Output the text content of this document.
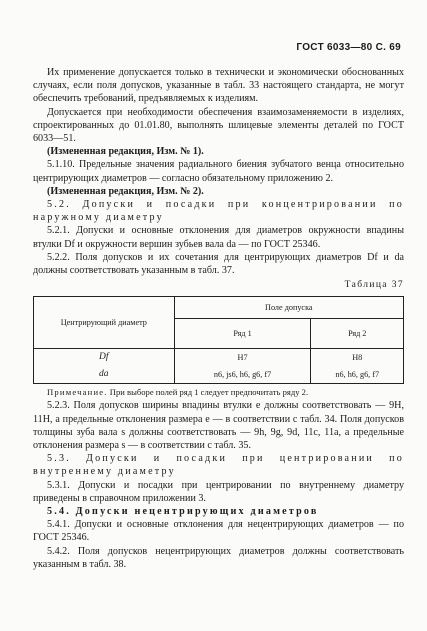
ГОСТ 6033—80 С. 69

Их применение допускается только в технически и экономически обоснованных случаях, если поля допусков, указанные в табл. 33 настоящего стандарта, не могут обеспечить требований, предъявляемых к изделиям.

Допускается при необходимости обеспечения взаимозаменяемости в изделиях, спроектированных до 01.01.80, выполнять шлицевые элементы деталей по ГОСТ 6033—51.

(Измененная редакция, Изм. № 1).

5.1.10. Предельные значения радиального биения зубчатого венца относительно центрирующих диаметров — согласно обязательному приложению 2.

(Измененная редакция, Изм. № 2).

5.2. Допуски и посадки при концентрировании по наружному диаметру

5.2.1. Допуски и основные отклонения для диаметров окружности впадины втулки Df и окружности вершин зубьев вала dа — по ГОСТ 25346.

5.2.2. Поля допусков и их сочетания для центрирующих диаметров Df и dа должны соответствовать указанным в табл. 37.

Таблица 37
Центрирующий диаметр	Поле допуска	
	Ряд 1	Ряд 2
Df	H7	H8
dа	n6, js6, h6, g6, f7	n6, h6, g6, f7

Примечание. При выборе полей ряд 1 следует предпочитать ряду 2.

5.2.3. Поля допусков ширины впадины втулки e должны соответствовать — 9H, 11H, а предельные отклонения размера e — в соответствии с табл. 34. Поля допусков толщины зуба вала s должны соответствовать — 9h, 9g, 9d, 11c, 11a, а предельные отклонения размера s — в соответствии с табл. 35.

5.3. Допуски и посадки при центрировании по внутреннему диаметру

5.3.1. Допуски и посадки при центрировании по внутреннему диаметру приведены в справочном приложении 3.

5.4. Допуски нецентрирующих диаметров

5.4.1. Допуски и основные отклонения для нецентрирующих диаметров — по ГОСТ 25346.

5.4.2. Поля допусков нецентрирующих диаметров должны соответствовать указанным в табл. 38.
